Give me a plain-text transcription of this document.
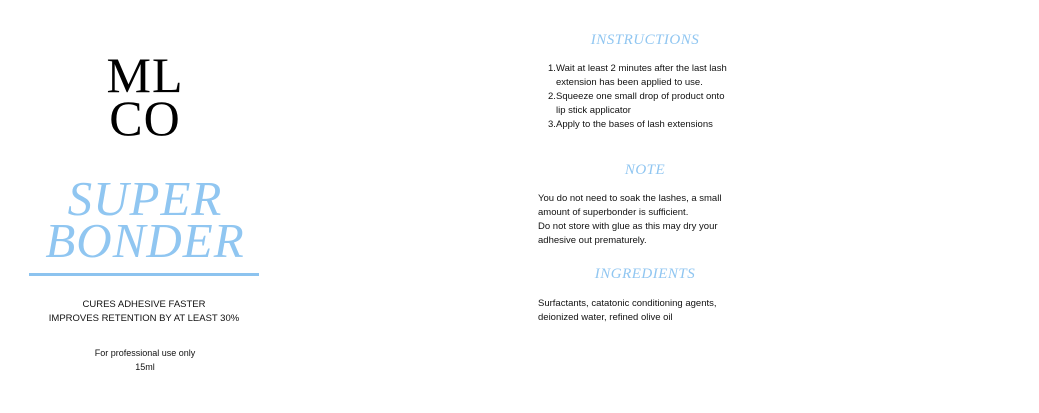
ML
CO
SUPER
BONDER
CURES ADHESIVE FASTER
IMPROVES RETENTION BY AT LEAST 30%
For professional use only
15ml
INSTRUCTIONS
1. Wait at least 2 minutes after the last lash
extension has been applied to use.
2. Squeeze one small drop of product onto
lip stick applicator
3. Apply to the bases of lash extensions
NOTE
You do not need to soak the lashes, a small
amount of superbonder is sufficient.
Do not store with glue as this may dry your
adhesive out prematurely.
INGREDIENTS
Surfactants, catatonic conditioning agents,
deionized water, refined olive oil
